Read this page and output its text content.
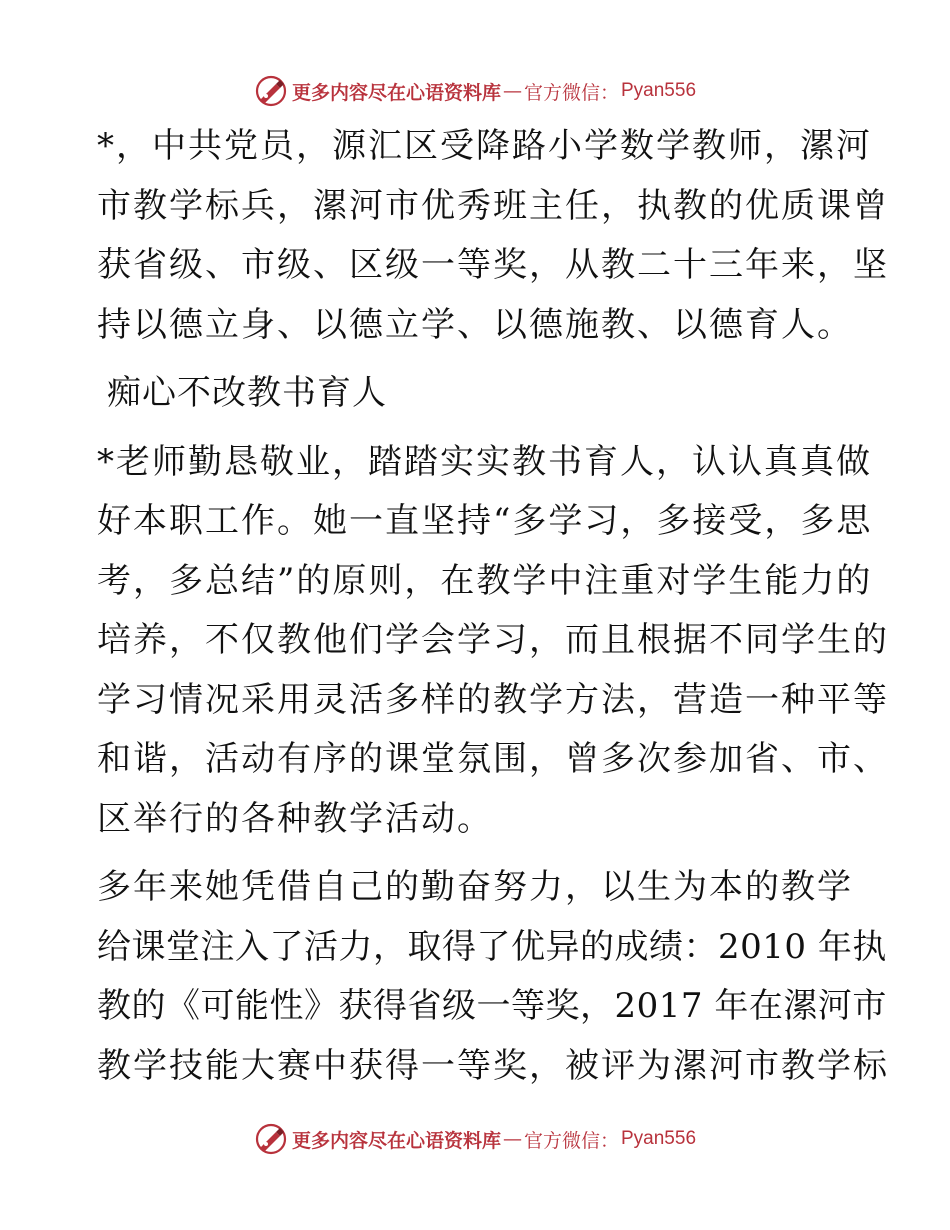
更多内容尽在心语资料库 — 官方微信： Pyan556
*，中共党员，源汇区受降路小学数学教师，漯河
市教学标兵，漯河市优秀班主任，执教的优质课曾
获省级、市级、区级一等奖，从教二十三年来，坚
持以德立身、以德立学、以德施教、以德育人。
痴心不改教书育人
*老师勤恳敬业，踏踏实实教书育人，认认真真做
好本职工作。她一直坚持“多学习，多接受，多思
考，多总结”的原则，在教学中注重对学生能力的
培养，不仅教他们学会学习，而且根据不同学生的
学习情况采用灵活多样的教学方法，营造一种平等
和谐，活动有序的课堂氛围，曾多次参加省、市、
区举行的各种教学活动。
多年来她凭借自己的勤奋努力，以生为本的教学
给课堂注入了活力，取得了优异的成绩：2010 年执
教的《可能性》获得省级一等奖，2017 年在漯河市
教学技能大赛中获得一等奖，被评为漯河市教学标
更多内容尽在心语资料库 — 官方微信： Pyan556
